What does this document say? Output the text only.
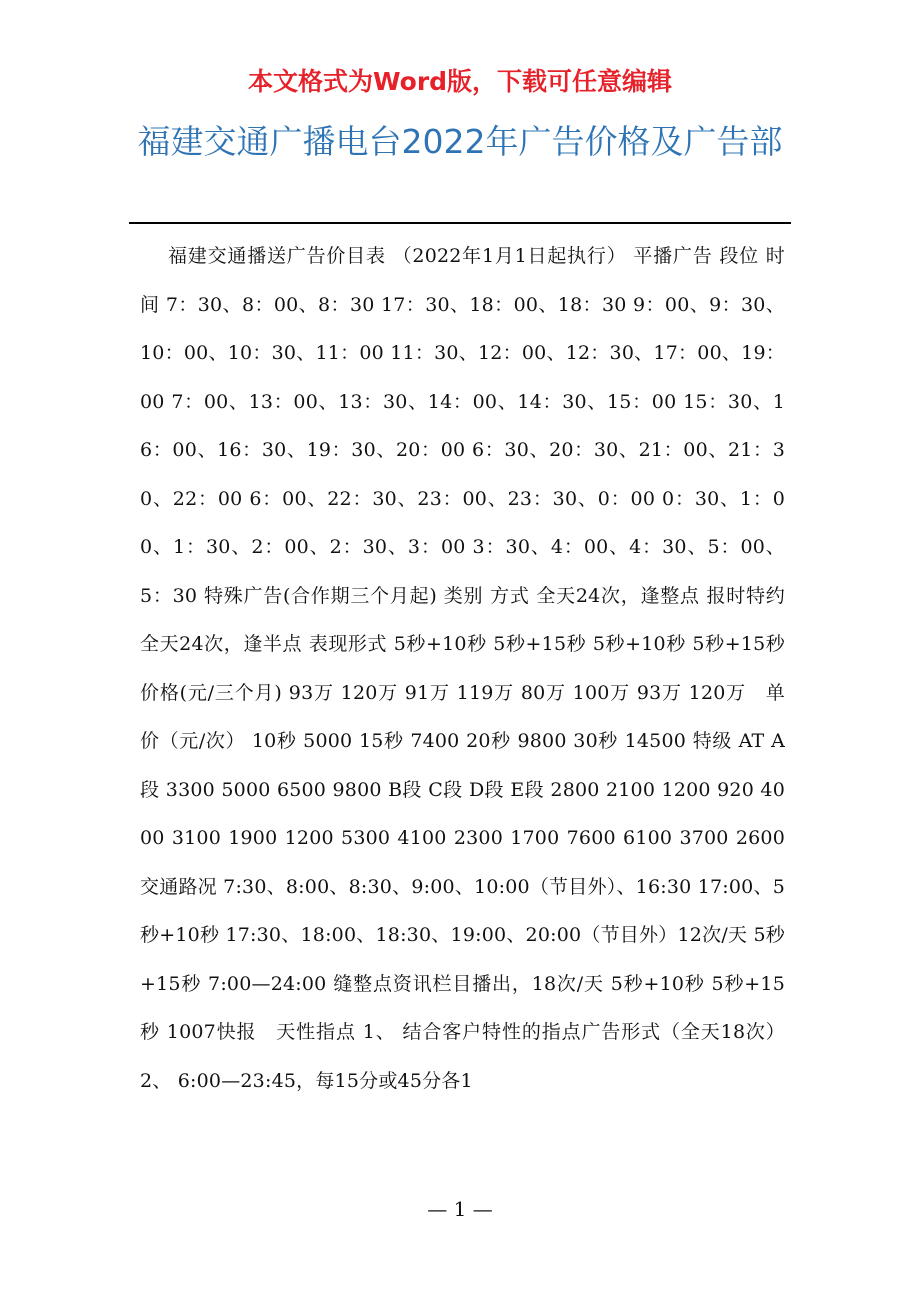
本文格式为Word版，下载可任意编辑
福建交通广播电台2022年广告价格及广告部
福建交通播送广告价目表 （2022年1月1日起执行） 平播广告 段位 时　间 7：30、8：00、8：30 17：30、18：00、18：30 9：00、9：30、10：00、10：30、11：00 11：30、12：00、12：30、17：00、19：00 7：00、13：00、13：30、14：00、14：30、15：00 15：30、16：00、16：30、19：30、20：00 6：30、20：30、21：00、21：30、22：00 6：00、22：30、23：00、23：30、0：00 0：30、1：00、1：30、2：00、2：30、3：00 3：30、4：00、4：30、5：00、5：30 特殊广告(合作期三个月起) 类别 方式 全天24次，逢整点 报时特约 全天24次，逢半点 表现形式 5秒+10秒 5秒+15秒 5秒+10秒 5秒+15秒 价格(元/三个月) 93万 120万 91万 119万 80万 100万 93万 120万　单　价（元/次） 10秒 5000 15秒 7400 20秒 9800 30秒 14500 特级 AT A段 3300 5000 6500 9800 B段 C段 D段 E段 2800 2100 1200 920 4000 3100 1900 1200 5300 4100 2300 1700 7600 6100 3700 2600 交通路况 7:30、8:00、8:30、9:00、10:00（节目外）、16:30 17:00、5秒+10秒 17:30、18:00、18:30、19:00、20:00（节目外）12次/天 5秒+15秒 7:00—24:00 缝整点资讯栏目播出，18次/天 5秒+10秒 5秒+15秒 1007快报　天性指点 1、 结合客户特性的指点广告形式（全天18次） 2、 6:00—23:45，每15分或45分各1
— 1 —
